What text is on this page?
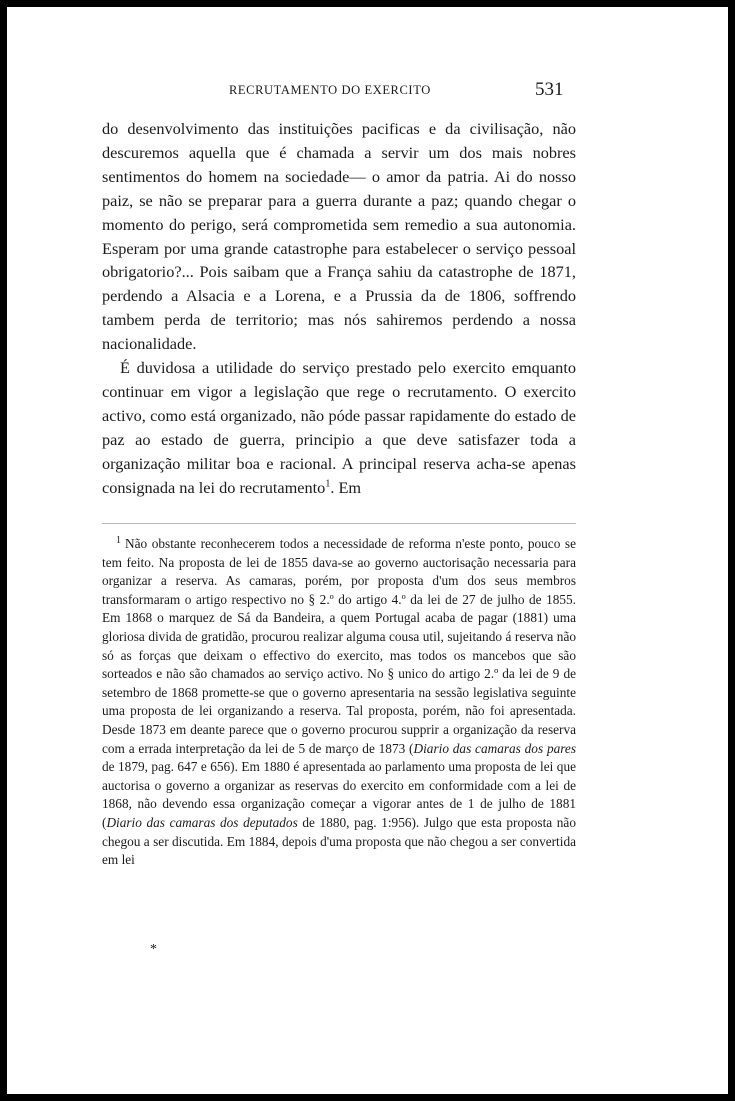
RECRUTAMENTO DO EXERCITO	531

do desenvolvimento das instituições pacificas e da civilisação, não descuremos aquella que é chamada a servir um dos mais nobres sentimentos do homem na sociedade— o amor da patria. Ai do nosso paiz, se não se preparar para a guerra durante a paz; quando chegar o momento do perigo, será comprometida sem remedio a sua autonomia. Esperam por uma grande catastrophe para estabelecer o serviço pessoal obrigatorio?... Pois saibam que a França sahiu da catastrophe de 1871, perdendo a Alsacia e a Lorena, e a Prussia da de 1806, soffrendo tambem perda de territorio; mas nós sahiremos perdendo a nossa nacionalidade.

É duvidosa a utilidade do serviço prestado pelo exercito emquanto continuar em vigor a legislação que rege o recrutamento. O exercito activo, como está organizado, não póde passar rapidamente do estado de paz ao estado de guerra, principio a que deve satisfazer toda a organização militar boa e racional. A principal reserva acha-se apenas consignada na lei do recrutamento$^1$. Em

$^1$ Não obstante reconhecerem todos a necessidade de reforma n'este ponto, pouco se tem feito. Na proposta de lei de 1855 dava-se ao governo auctorisação necessaria para organizar a reserva. As camaras, porém, por proposta d'um dos seus membros transformaram o artigo respectivo no § 2.º do artigo 4.º da lei de 27 de julho de 1855. Em 1868 o marquez de Sá da Bandeira, a quem Portugal acaba de pagar (1881) uma gloriosa divida de gratidão, procurou realizar alguma cousa util, sujeitando á reserva não só as forças que deixam o effectivo do exercito, mas todos os mancebos que são sorteados e não são chamados ao serviço activo. No § unico do artigo 2.º da lei de 9 de setembro de 1868 promette-se que o governo apresentaria na sessão legislativa seguinte uma proposta de lei organizando a reserva. Tal proposta, porém, não foi apresentada. Desde 1873 em deante parece que o governo procurou supprir a organização da reserva com a errada interpretação da lei de 5 de março de 1873 (Diario das camaras dos pares de 1879, pag. 647 e 656). Em 1880 é apresentada ao parlamento uma proposta de lei que auctorisa o governo a organizar as reservas do exercito em conformidade com a lei de 1868, não devendo essa organização começar a vigorar antes de 1 de julho de 1881 (Diario das camaras dos deputados de 1880, pag. 1:956). Julgo que esta proposta não chegou a ser discutida. Em 1884, depois d'uma proposta que não chegou a ser convertida em lei

*
